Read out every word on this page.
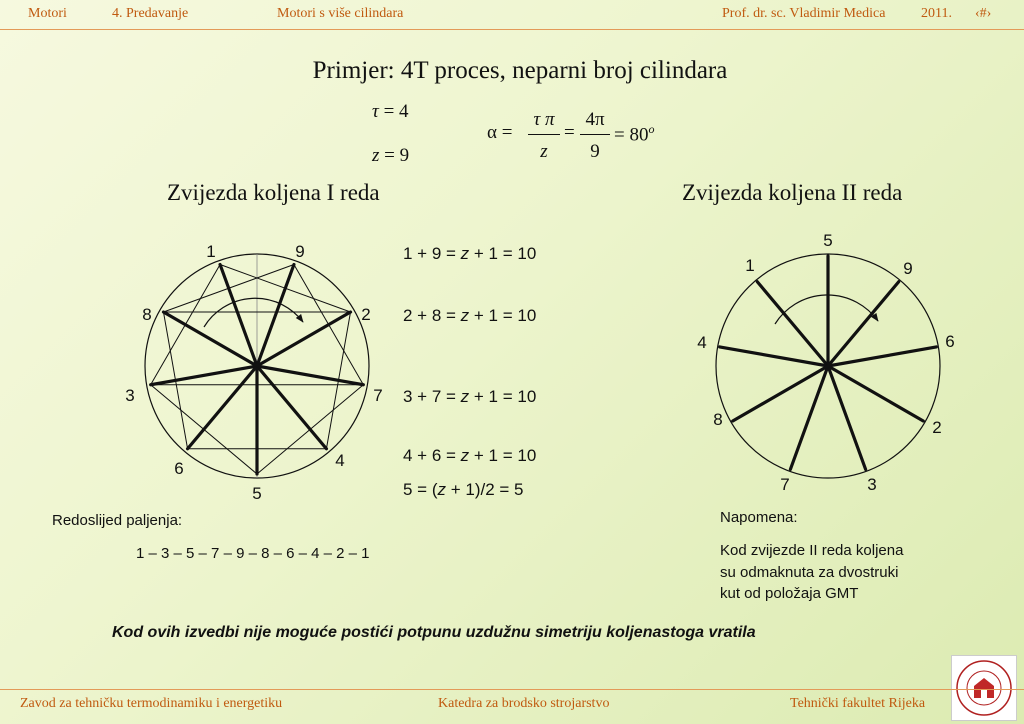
Motori	4. Predavanje	Motori s više cilindara	Prof. dr. sc. Vladimir Medica	2011. ‹#›
Primjer: 4T proces, neparni broj cilindara
τ = 4
z = 9
α =
τ π
z
=
4π
9
= $80^o$
Zvijezda koljena I reda	Zvijezda koljena II reda
1	9
2
7
4
5
6
3
8
5
9
6
2
3
7
8
4
1
1 + 9 = z + 1 = 10
2 + 8 = z + 1 = 10
3 + 7 = z + 1 = 10
4 + 6 = z + 1 = 10
5 = (z + 1)/2 = 5
Redoslijed paljenja:
1 – 3 – 5 – 7 – 9 – 8 – 6 – 4 – 2 – 1
Napomena:
Kod zvijezde II reda koljena
su odmaknuta za dvostruki
kut od položaja GMT
Kod ovih izvedbi nije moguće postići potpunu uzdužnu simetriju koljenastoga vratila
Zavod za tehničku termodinamiku i energetiku	Katedra za brodsko strojarstvo	Tehnički fakultet Rijeka
